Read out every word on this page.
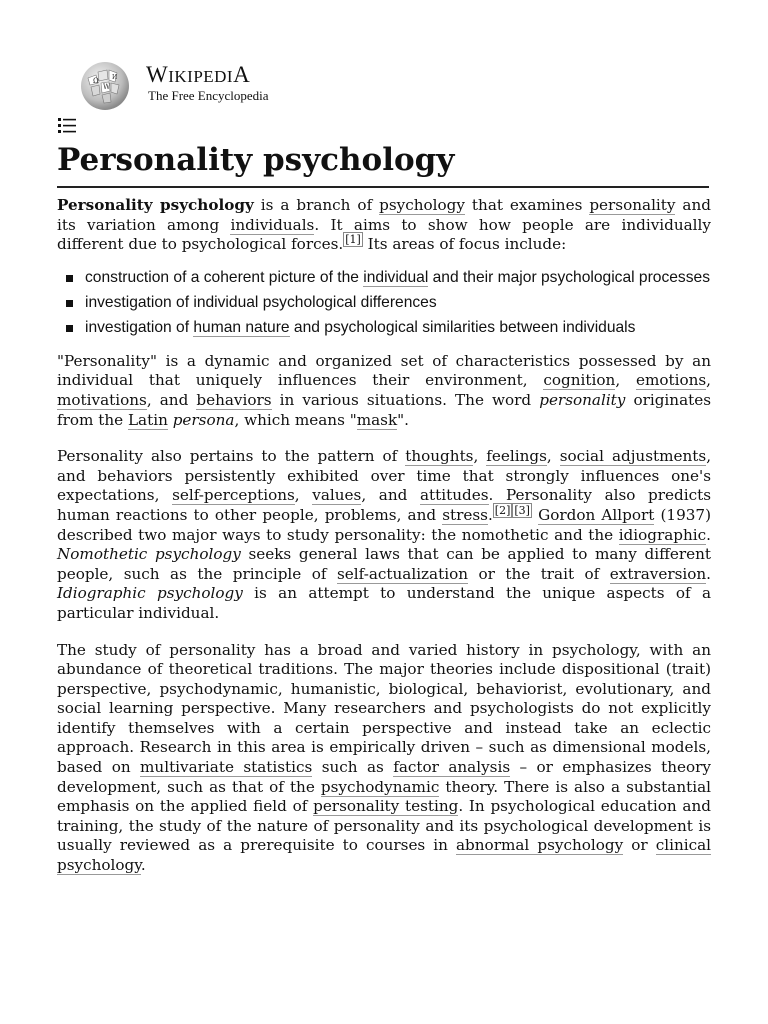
Ω
W
И WIKIPEDIA
The Free Encyclopedia
Personality psychology

Personality psychology is a branch of psychology that examines personality and its variation among individuals. It aims to show how people are individually different due to psychological forces. [1] Its areas of focus include:

construction of a coherent picture of the individual and their major psychological processes
investigation of individual psychological differences
investigation of human nature and psychological similarities between individuals

"Personality" is a dynamic and organized set of characteristics possessed by an individual that uniquely influences their environment, cognition, emotions, motivations, and behaviors in various situations. The word personality originates from the Latin persona, which means "mask".

Personality also pertains to the pattern of thoughts, feelings, social adjustments, and behaviors persistently exhibited over time that strongly influences one's expectations, self-perceptions, values, and attitudes. Personality also predicts human reactions to other people, problems, and stress. [2] [3] Gordon Allport (1937) described two major ways to study personality: the nomothetic and the idiographic. Nomothetic psychology seeks general laws that can be applied to many different people, such as the principle of self-actualization or the trait of extraversion. Idiographic psychology is an attempt to understand the unique aspects of a particular individual.

The study of personality has a broad and varied history in psychology, with an abundance of theoretical traditions. The major theories include dispositional (trait) perspective, psychodynamic, humanistic, biological, behaviorist, evolutionary, and social learning perspective. Many researchers and psychologists do not explicitly identify themselves with a certain perspective and instead take an eclectic approach. Research in this area is empirically driven – such as dimensional models, based on multivariate statistics such as factor analysis – or emphasizes theory development, such as that of the psychodynamic theory. There is also a substantial emphasis on the applied field of personality testing. In psychological education and training, the study of the nature of personality and its psychological development is usually reviewed as a prerequisite to courses in abnormal psychology or clinical psychology.
